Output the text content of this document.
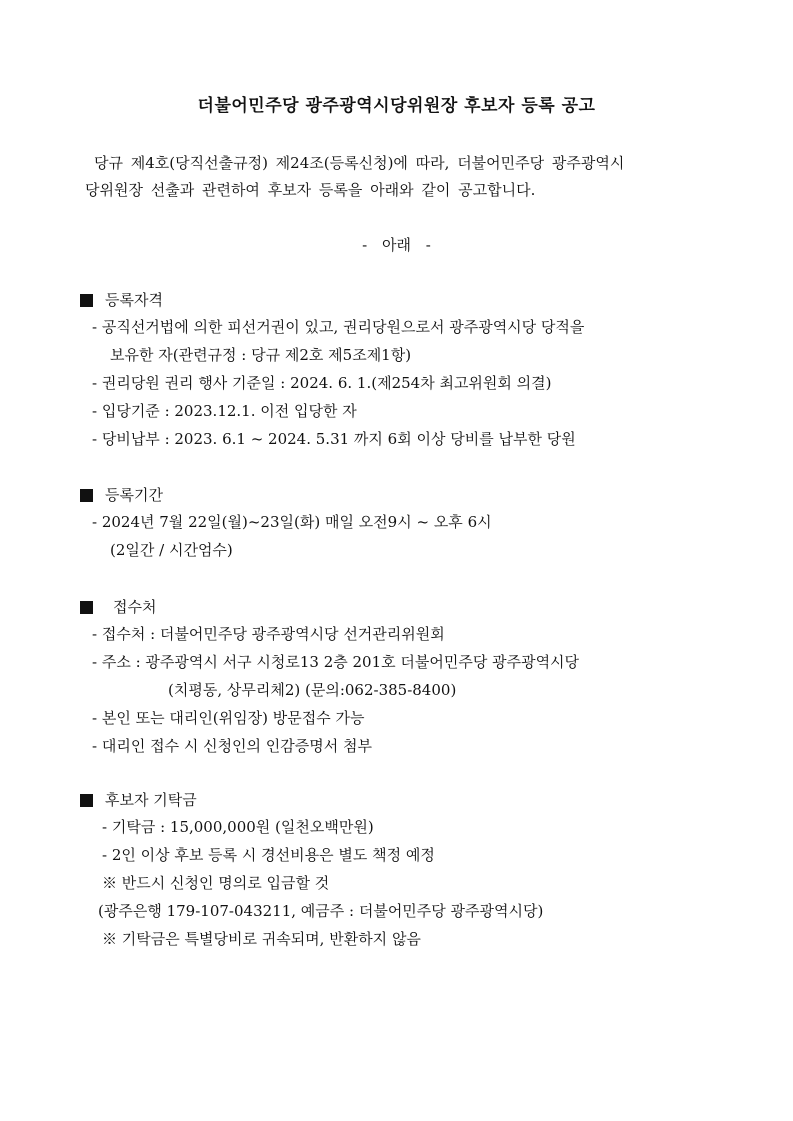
더불어민주당 광주광역시당위원장 후보자 등록 공고
당규 제4호(당직선출규정) 제24조(등록신청)에 따라, 더불어민주당 광주광역시
당위원장 선출과 관련하여 후보자 등록을 아래와 같이 공고합니다.
- 아래 -
등록자격
- 공직선거법에 의한 피선거권이 있고, 권리당원으로서 광주광역시당 당적을
보유한 자(관련규정 : 당규 제2호 제5조제1항)
- 권리당원 권리 행사 기준일 : 2024. 6. 1.(제254차 최고위원회 의결)
- 입당기준 : 2023.12.1. 이전 입당한 자
- 당비납부 : 2023. 6.1 ~ 2024. 5.31 까지 6회 이상 당비를 납부한 당원
등록기간
- 2024년 7월 22일(월)~23일(화) 매일 오전9시 ~ 오후 6시
(2일간 / 시간엄수)
접수처
- 접수처 : 더불어민주당 광주광역시당 선거관리위원회
- 주소 : 광주광역시 서구 시청로13 2층 201호 더불어민주당 광주광역시당
(치평동, 상무리체2) (문의:062-385-8400)
- 본인 또는 대리인(위임장) 방문접수 가능
- 대리인 접수 시 신청인의 인감증명서 첨부
후보자 기탁금
- 기탁금 : 15,000,000원 (일천오백만원)
- 2인 이상 후보 등록 시 경선비용은 별도 책정 예정
※ 반드시 신청인 명의로 입금할 것
(광주은행 179-107-043211, 예금주 : 더불어민주당 광주광역시당)
※ 기탁금은 특별당비로 귀속되며, 반환하지 않음
